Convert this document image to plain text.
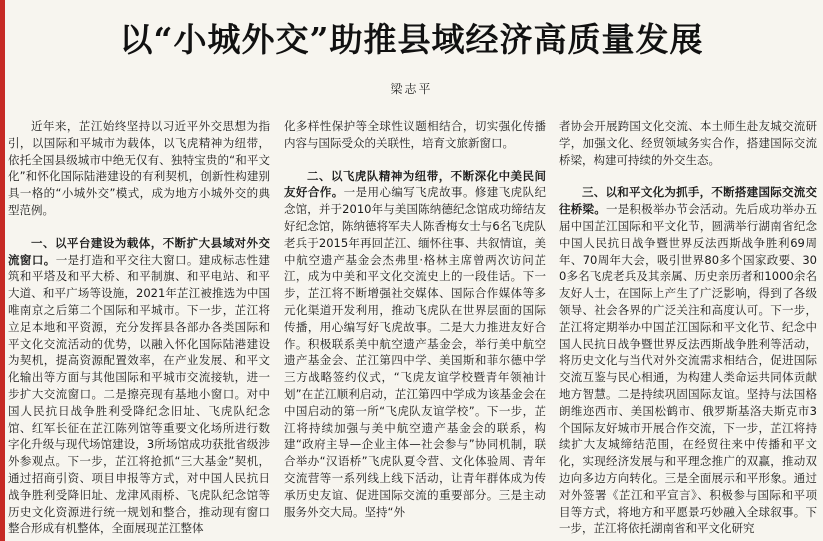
以“小城外交”助推县域经济高质量发展
梁志平

近年来，芷江始终坚持以习近平外交思想为指引，以国际和平城市为载体，以飞虎精神为纽带，依托全国县级城市中绝无仅有、独特宝贵的“和平文化”和怀化国际陆港建设的有利契机，创新性构建别具一格的“小城外交”模式，成为地方小城外交的典型范例。

一、以平台建设为载体，不断扩大县域对外交流窗口。一是打造和平交往大窗口。建成标志性建筑和平塔及和平大桥、和平制旗、和平电站、和平大道、和平广场等设施，2021年芷江被推选为中国唯南京之后第二个国际和平城市。下一步，芷江将立足本地和平资源，充分发挥县各部办各类国际和平文化交流活动的优势，以融入怀化国际陆港建设为契机，提高资源配置效率，在产业发展、和平文化输出等方面与其他国际和平城市交流接轨，进一步扩大交流窗口。二是擦亮现有基地小窗口。对中国人民抗日战争胜利受降纪念旧址、飞虎队纪念馆、红军长征在芷江陈列馆等重要文化场所进行数字化升级与现代场馆建设，3所场馆成功获批省级涉外参观点。下一步，芷江将抢抓“三大基金”契机，通过招商引资、项目申报等方式，对中国人民抗日战争胜利受降旧址、龙津风雨桥、飞虎队纪念馆等历史文化资源进行统一规划和整合，推动现有窗口整合形成有机整体，全面展现芷江整体

化多样性保护等全球性议题相结合，切实强化传播内容与国际受众的关联性，培育文旅新窗口。

二、以飞虎队精神为纽带，不断深化中美民间友好合作。一是用心编写飞虎故事。修建飞虎队纪念馆，并于2010年与美国陈纳德纪念馆成功缔结友好纪念馆，陈纳德将军夫人陈香梅女士与6名飞虎队老兵于2015年再回芷江、缅怀往事、共叙情谊，美中航空遗产基金会杰弗里·格林主席曾两次访问芷江，成为中美和平文化交流史上的一段佳话。下一步，芷江将不断增强社交媒体、国际合作媒体等多元化渠道开发利用，推动飞虎队在世界层面的国际传播，用心编写好飞虎故事。二是大力推进友好合作。积极联系美中航空遗产基金会，举行美中航空遗产基金会、芷江第四中学、美国斯和菲尔德中学三方战略签约仪式，“飞虎友谊学校暨青年领袖计划”在芷江顺利启动，芷江第四中学成为该基金会在中国启动的第一所“飞虎队友谊学校”。下一步，芷江将持续加强与美中航空遗产基金会的联系，构建“政府主导—企业主体—社会参与”协同机制，联合举办“汉语桥”飞虎队夏令营、文化体验周、青年交流营等一系列线上线下活动，让青年群体成为传承历史友谊、促进国际交流的重要部分。三是主动服务外交大局。坚持“外

者协会开展跨国文化交流、本土师生赴友城交流研学，加强文化、经贸领域务实合作，搭建国际交流桥梁，构建可持续的外交生态。

三、以和平文化为抓手，不断搭建国际交流交往桥梁。一是积极举办节会活动。先后成功举办五届中国芷江国际和平文化节，圆满举行湖南省纪念中国人民抗日战争暨世界反法西斯战争胜利69周年、70周年大会，吸引世界80多个国家政要、300多名飞虎老兵及其亲属、历史亲历者和1000余名友好人士，在国际上产生了广泛影响，得到了各级领导、社会各界的广泛关注和高度认可。下一步，芷江将定期举办中国芷江国际和平文化节、纪念中国人民抗日战争暨世界反法西斯战争胜利等活动，将历史文化与当代对外交流需求相结合，促进国际交流互鉴与民心相通，为构建人类命运共同体贡献地方智慧。二是持续巩固国际友谊。坚持与法国格朗维迩西市、美国松鹤市、俄罗斯基洛夫斯克市3个国际友好城市开展合作交流，下一步，芷江将持续扩大友城缔结范围，在经贸往来中传播和平文化，实现经济发展与和平理念推广的双赢，推动双边向多边方向转化。三是全面展示和平形象。通过对外签署《芷江和平宣言》、积极参与国际和平项目等方式，将地方和平愿景巧妙融入全球叙事。下一步，芷江将依托湖南省和平文化研究
